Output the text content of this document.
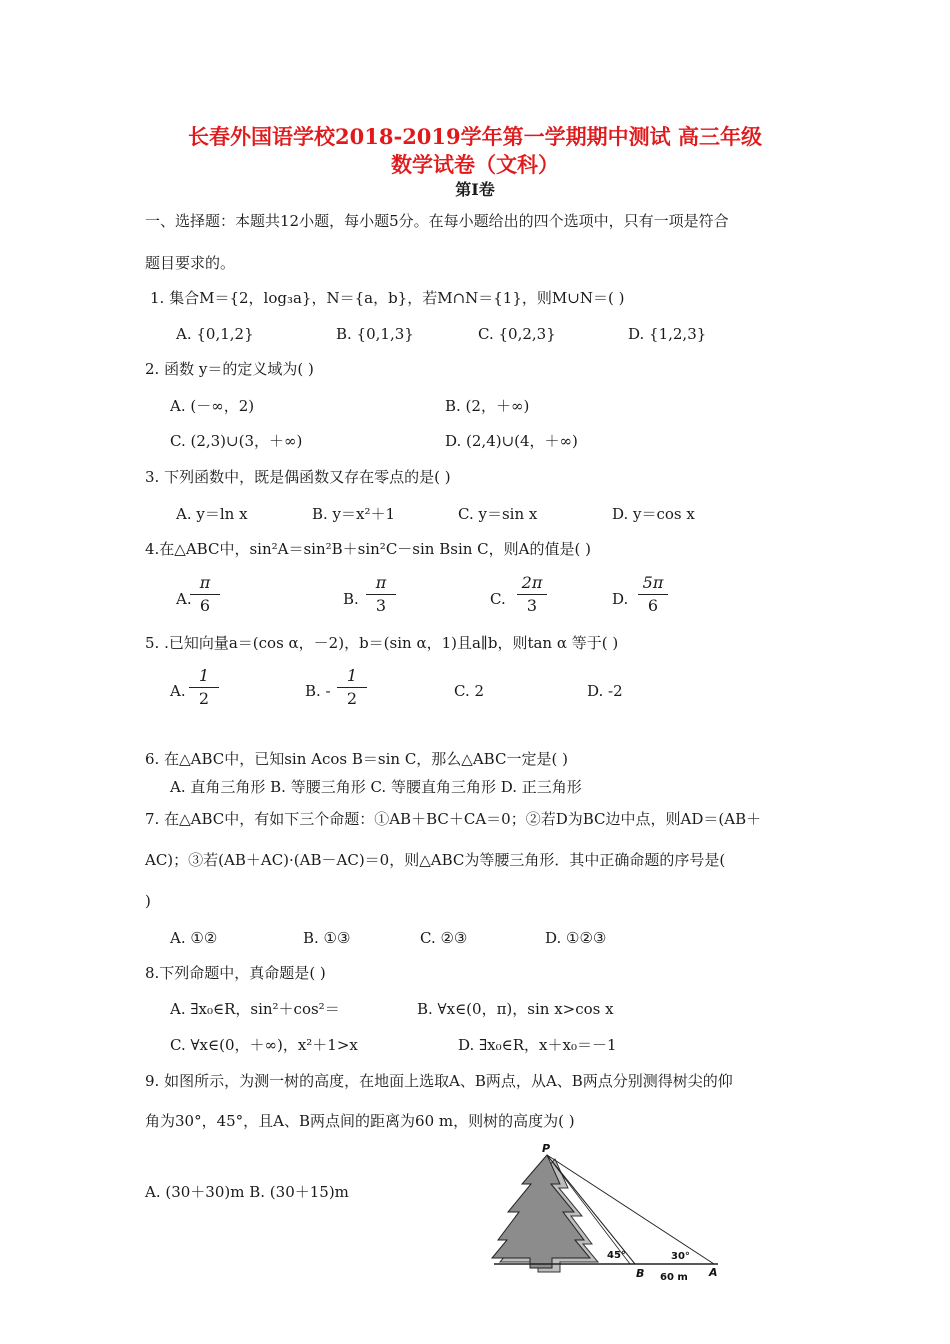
长春外国语学校2018-2019学年第一学期期中测试 高三年级
数学试卷（文科）
第Ⅰ卷
一、选择题：本题共12小题，每小题5分。在每小题给出的四个选项中，只有一项是符合
题目要求的。
1. 集合M＝{2，log₃a}，N＝{a，b}，若M∩N＝{1}，则M∪N＝( )
A. {0,1,2}	B. {0,1,3}	C. {0,2,3}	D. {1,2,3}
2. 函数 y＝的定义域为( )
A. (－∞，2)	B. (2，＋∞)
C. (2,3)∪(3，＋∞)	D. (2,4)∪(4，＋∞)
3. 下列函数中，既是偶函数又存在零点的是( )
A. y＝ln x	B. y＝x²＋1	C. y＝sin x	D. y＝cos x
4.在△ABC中，sin²A＝sin²B＋sin²C－sin Bsin C，则A的值是( )
A.
$\frac{\pi}{6}$	B. $\frac{\pi}{3}$	C. $\frac{2\pi}{3}$	D. $\frac{5\pi}{6}$
5. .已知向量a＝(cos α，－2)，b＝(sin α，1)且a∥b，则tan α 等于( )
A. $\frac{1}{2}$	B. - $\frac{1}{2}$	C. 2	D. -2
6. 在△ABC中，已知sin Acos B＝sin C，那么△ABC一定是( )
A. 直角三角形 B. 等腰三角形 C. 等腰直角三角形 D. 正三角形
7. 在△ABC中，有如下三个命题：①AB＋BC＋CA＝0；②若D为BC边中点，则AD＝(AB＋
AC)；③若(AB＋AC)·(AB－AC)＝0，则△ABC为等腰三角形．其中正确命题的序号是(
)
A. ①②	B. ①③	C. ②③	D. ①②③
8.下列命题中，真命题是( )
A. ∃x₀∈R，sin²＋cos²＝	B. ∀x∈(0，π)，sin x>cos x
C. ∀x∈(0，＋∞)，x²＋1>x	D. ∃x₀∈R，x＋x₀＝－1
9. 如图所示，为测一树的高度，在地面上选取A、B两点，从A、B两点分别测得树尖的仰
角为30°，45°，且A、B两点间的距离为60 m，则树的高度为( )
A. (30＋30)m B. (30＋15)m
P
45°	30°
B	A
60 m
